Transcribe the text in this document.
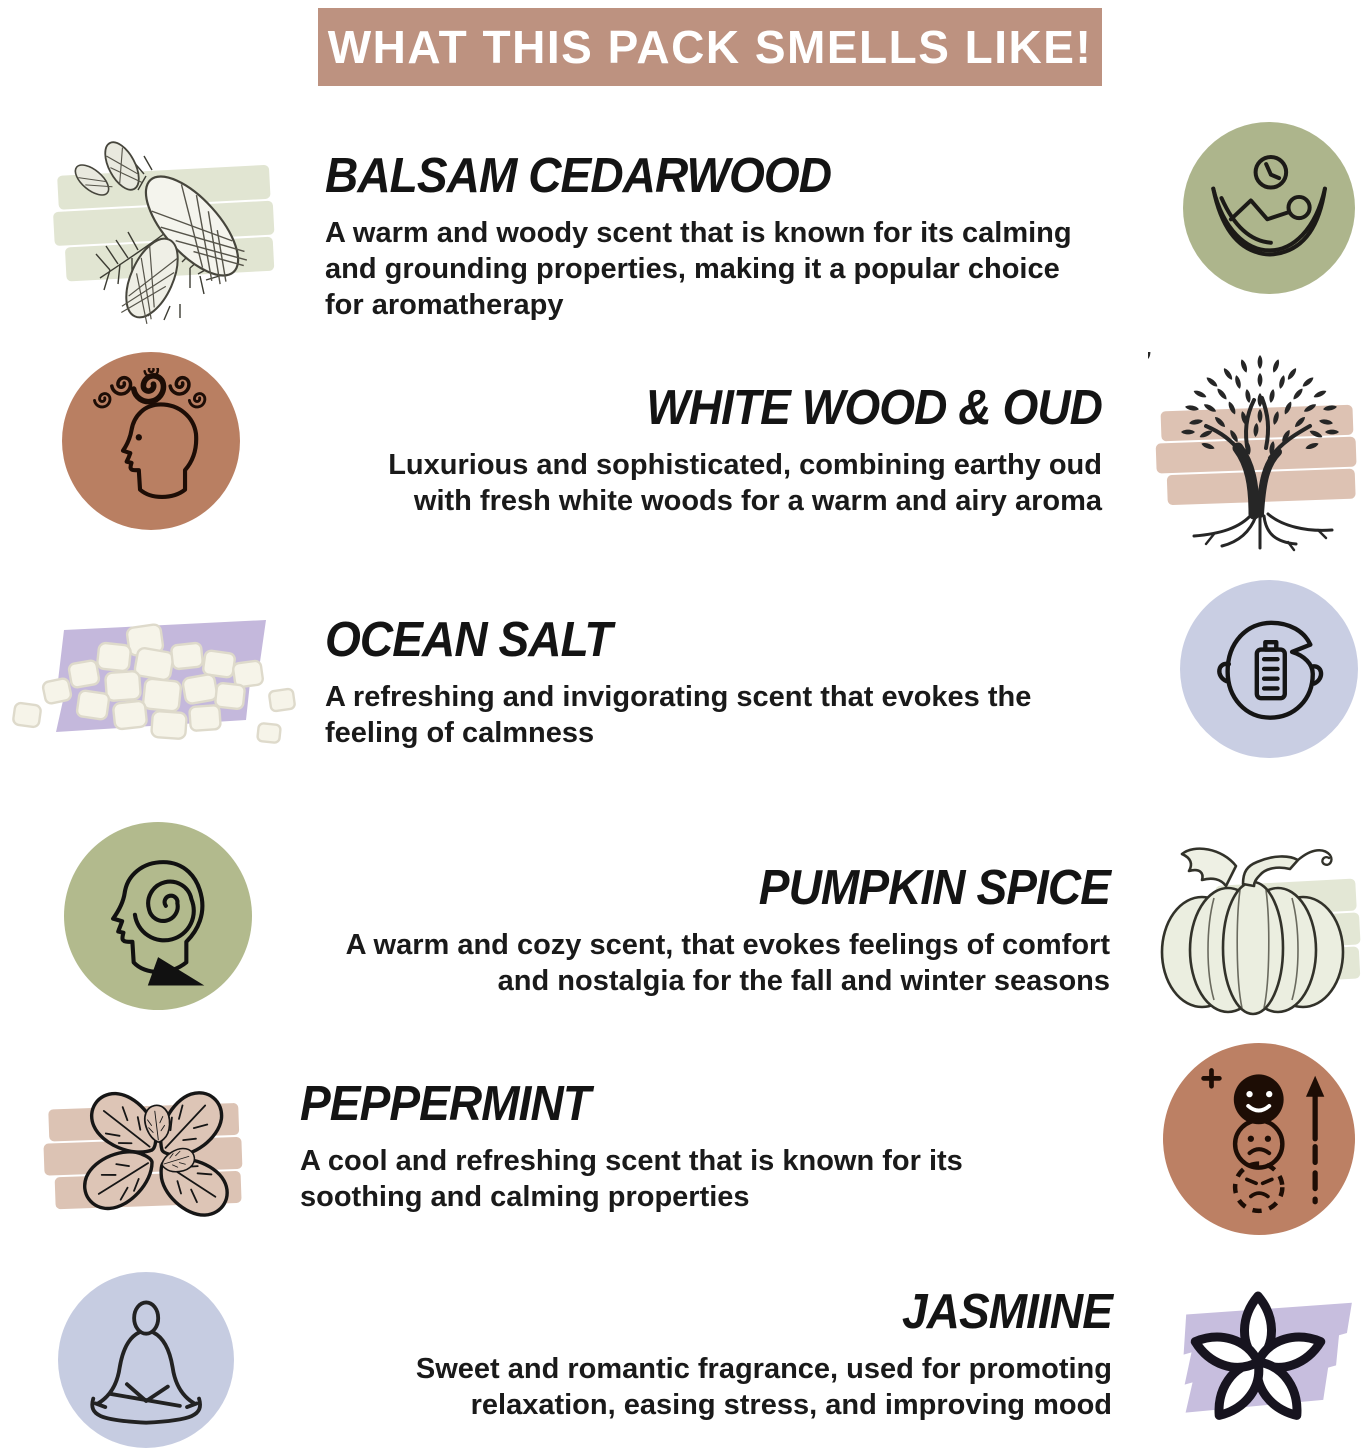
WHAT THIS PACK SMELLS LIKE!
BALSAM CEDARWOOD

A warm and woody scent that is known for its calming and grounding properties, making it a popular choice for aromatherapy

WHITE WOOD & OUD

Luxurious and sophisticated, combining earthy oud with fresh white woods for a warm and airy aroma

OCEAN SALT

A refreshing and invigorating scent that evokes the feeling of calmness

PUMPKIN SPICE

A warm and cozy scent, that evokes feelings of comfort and nostalgia for the fall and winter seasons

PEPPERMINT

A cool and refreshing scent that is known for its soothing and calming properties

JASMIINE

Sweet and romantic fragrance, used for promoting relaxation, easing stress, and improving mood
